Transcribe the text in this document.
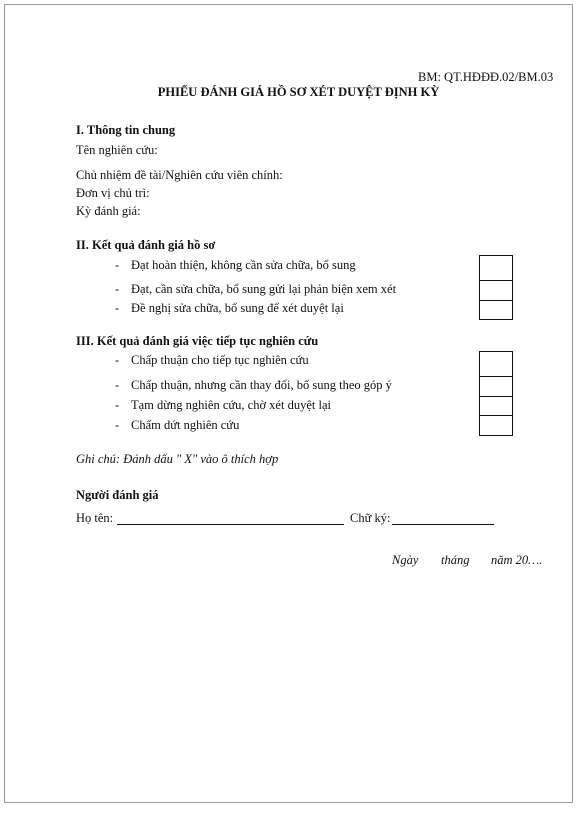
BM: QT.HĐĐĐ.02/BM.03
PHIẾU ĐÁNH GIÁ HỒ SƠ XÉT DUYỆT ĐỊNH KỲ
I. Thông tin chung
Tên nghiên cứu:
Chủ nhiệm đề tài/Nghiên cứu viên chính:
Đơn vị chủ trì:
Kỳ đánh giá:
II. Kết quả đánh giá hồ sơ
- Đạt hoàn thiện, không cần sửa chữa, bổ sung
- Đạt, cần sửa chữa, bổ sung gửi lại phản biện xem xét
- Đề nghị sửa chữa, bổ sung để xét duyệt lại
III. Kết quả đánh giá việc tiếp tục nghiên cứu
- Chấp thuận cho tiếp tục nghiên cứu
- Chấp thuận, nhưng cần thay đổi, bổ sung theo góp ý
- Tạm dừng nghiên cứu, chờ xét duyệt lại
- Chấm dứt nghiên cứu
Ghi chú: Đánh dấu " X" vào ô thích hợp
Người đánh giá
Họ tên:	Chữ ký:
Ngày tháng năm 20….
